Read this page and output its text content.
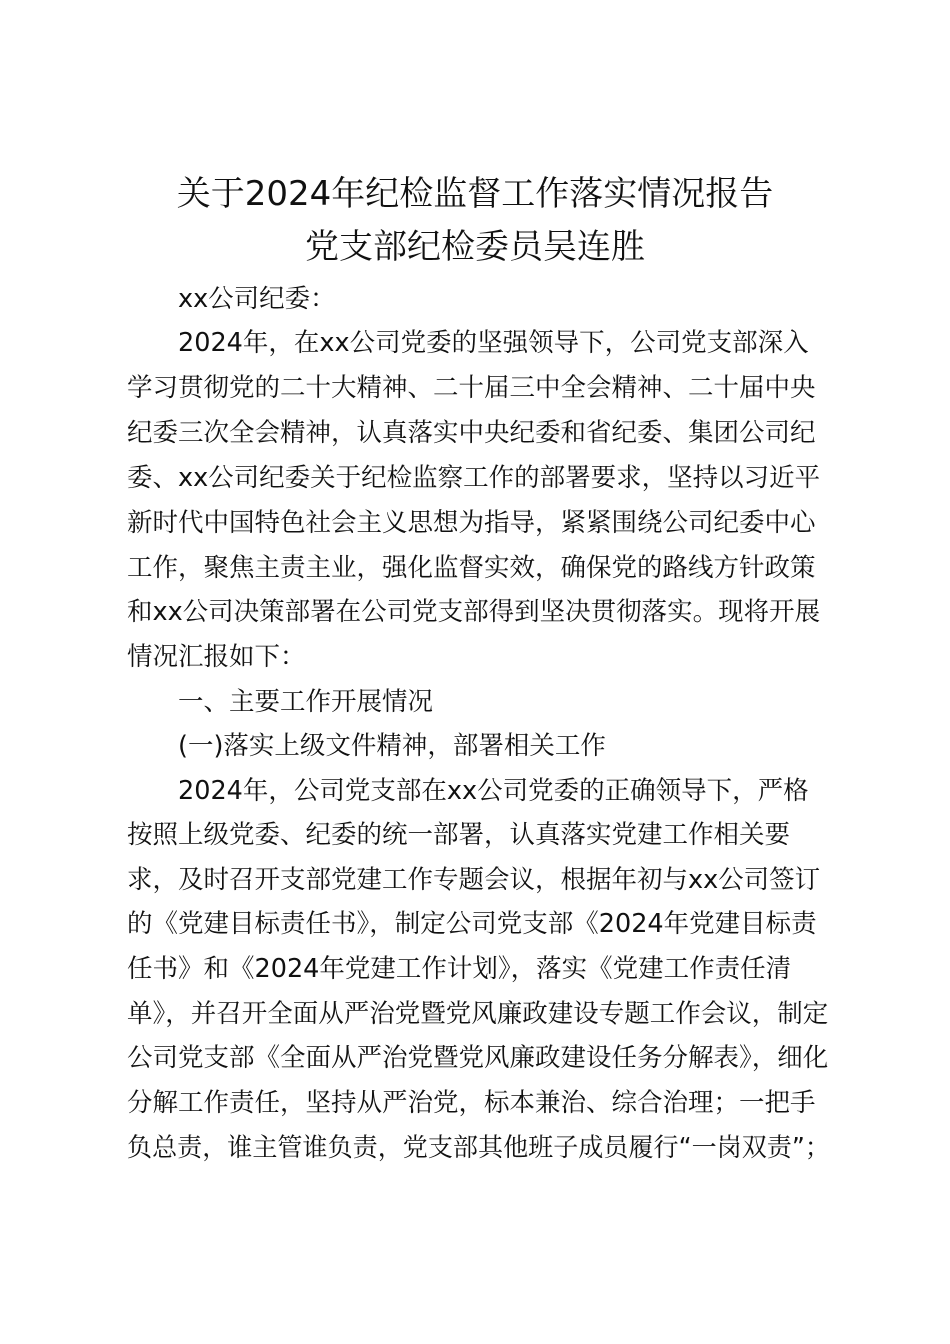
关于2024年纪检监督工作落实情况报告
党支部纪检委员吴连胜

xx公司纪委：

2024年，在xx公司党委的坚强领导下，公司党支部深入

学习贯彻党的二十大精神、二十届三中全会精神、二十届中央

纪委三次全会精神，认真落实中央纪委和省纪委、集团公司纪

委、xx公司纪委关于纪检监察工作的部署要求，坚持以习近平

新时代中国特色社会主义思想为指导，紧紧围绕公司纪委中心

工作，聚焦主责主业，强化监督实效，确保党的路线方针政策

和xx公司决策部署在公司党支部得到坚决贯彻落实。现将开展

情况汇报如下：

一、主要工作开展情况

(一)落实上级文件精神，部署相关工作

2024年，公司党支部在xx公司党委的正确领导下，严格

按照上级党委、纪委的统一部署，认真落实党建工作相关要

求，及时召开支部党建工作专题会议，根据年初与xx公司签订

的《党建目标责任书》，制定公司党支部《2024年党建目标责

任书》和《2024年党建工作计划》，落实《党建工作责任清

单》，并召开全面从严治党暨党风廉政建设专题工作会议，制定

公司党支部《全面从严治党暨党风廉政建设任务分解表》，细化

分解工作责任，坚持从严治党，标本兼治、综合治理；一把手

负总责，谁主管谁负责，党支部其他班子成员履行“一岗双责”；
